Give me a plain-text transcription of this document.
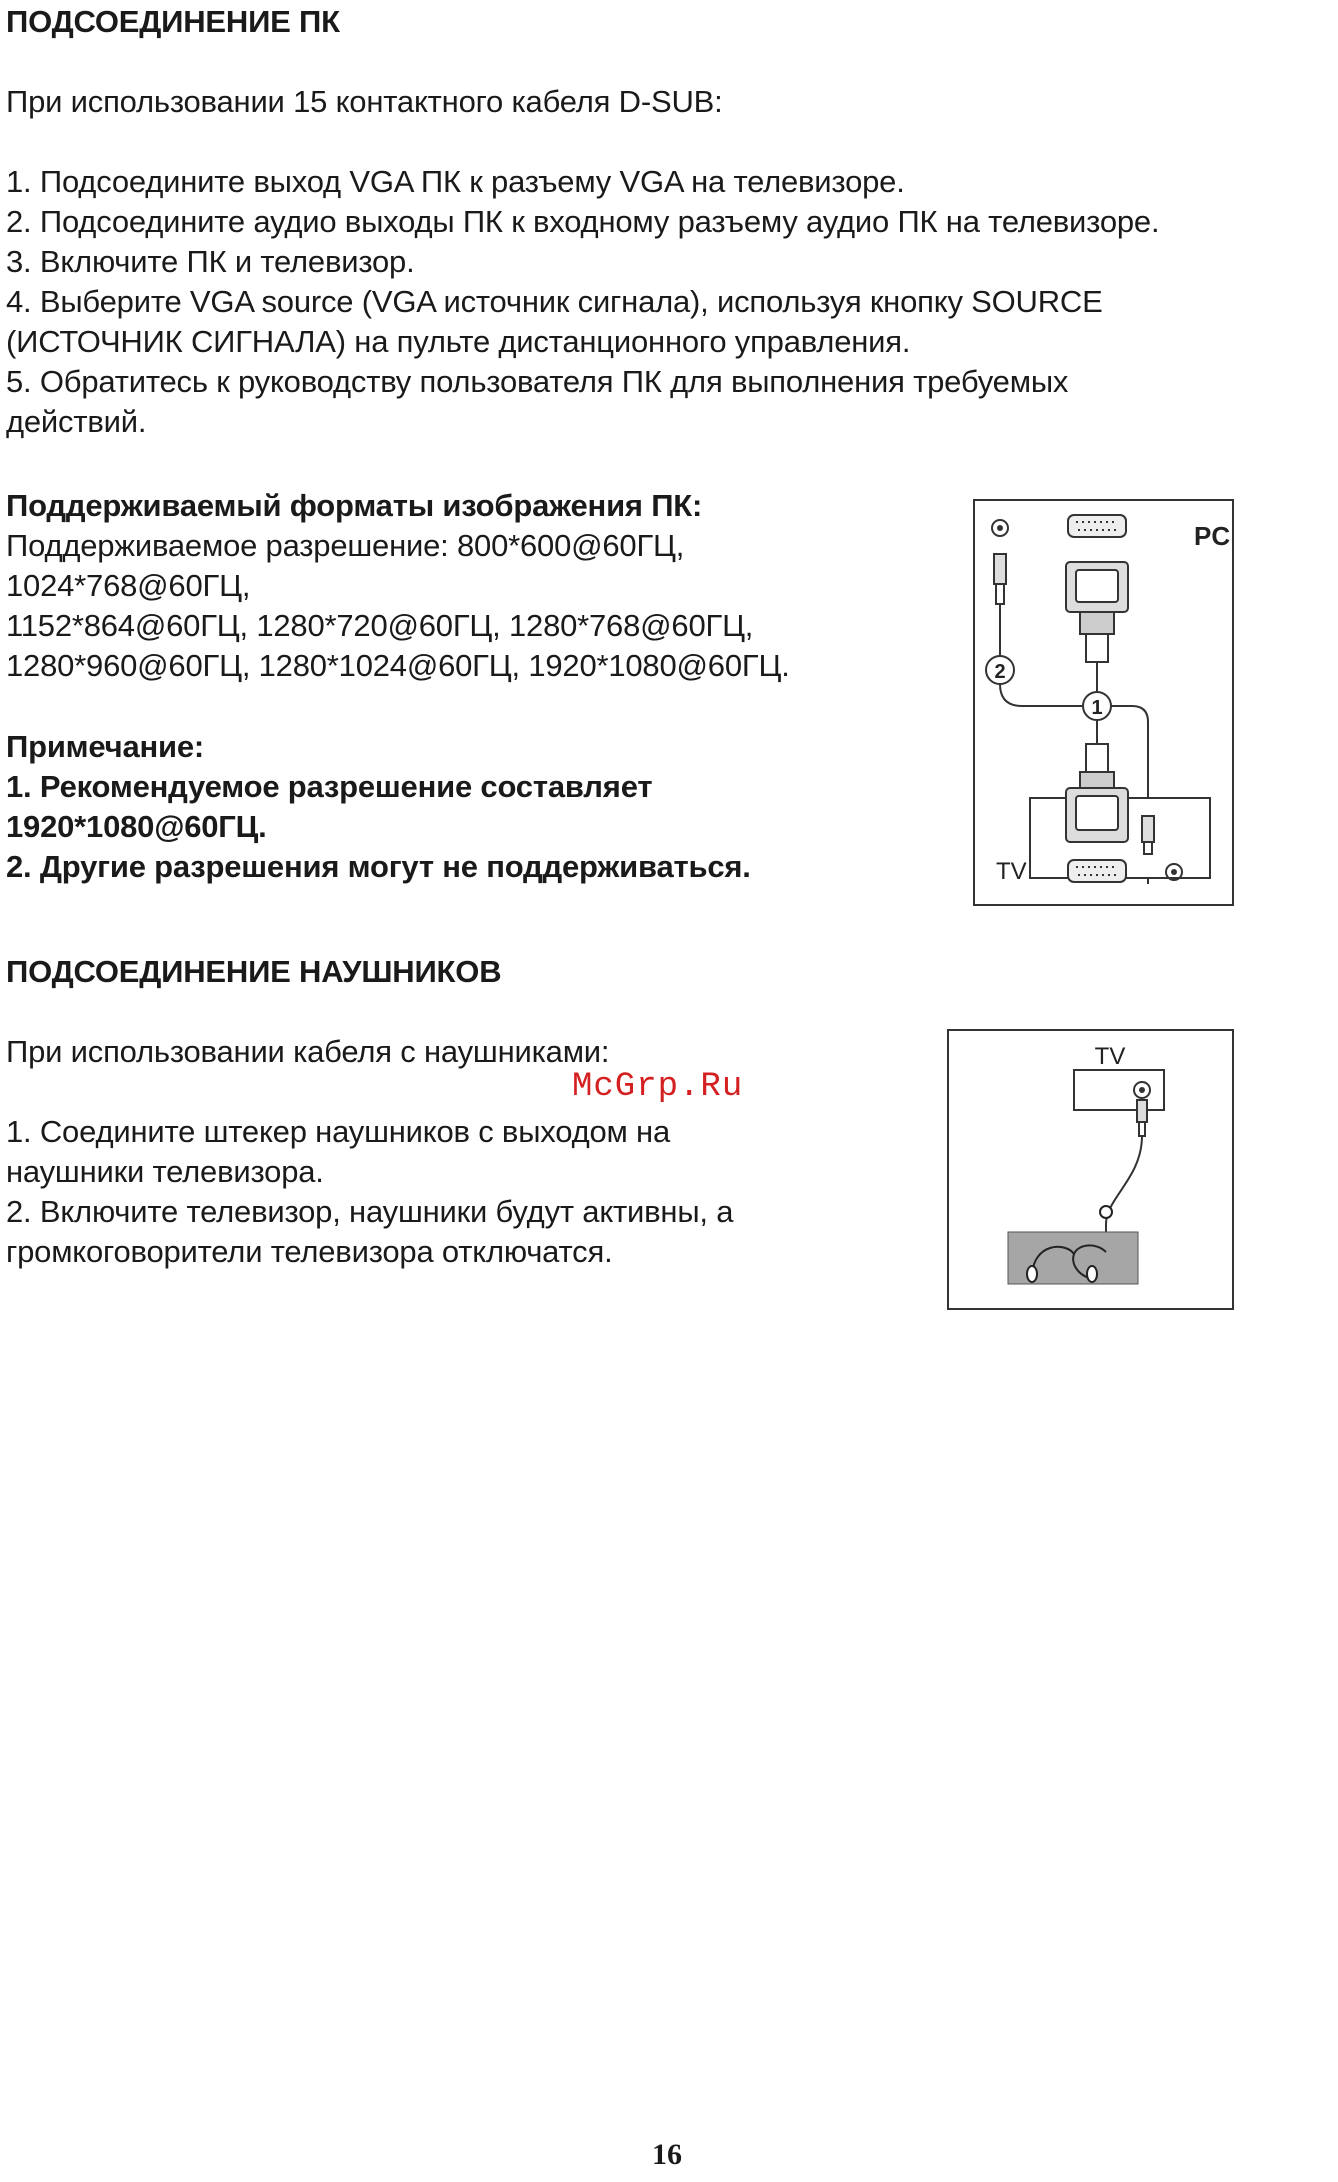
ПОДСОЕДИНЕНИЕ ПК
При использовании 15 контактного кабеля D-SUB:
1. Подсоедините выход VGA ПК к разъему VGA на телевизоре.
2. Подсоедините аудио выходы ПК к входному разъему аудио ПК на телевизоре.
3. Включите ПК и телевизор.
4. Выберите VGA source (VGA источник сигнала), используя кнопку SOURCE
(ИСТОЧНИК СИГНАЛА) на пульте дистанционного управления.
5. Обратитесь к руководству пользователя ПК для выполнения требуемых
действий.
Поддерживаемый форматы изображения ПК:
Поддерживаемое разрешение: 800*600@60ГЦ,
1024*768@60ГЦ,
1152*864@60ГЦ, 1280*720@60ГЦ, 1280*768@60ГЦ,
1280*960@60ГЦ, 1280*1024@60ГЦ, 1920*1080@60ГЦ.
Примечание:
1. Рекомендуемое разрешение составляет
1920*1080@60ГЦ.
2. Другие разрешения могут не поддерживаться.
PC
2
1
TV
ПОДСОЕДИНЕНИЕ НАУШНИКОВ
При использовании кабеля с наушниками:
1. Соедините штекер наушников с выходом на
наушники телевизора.
2. Включите телевизор, наушники будут активны, а
громкоговорители телевизора отключатся.
TV
McGrp.Ru
16
